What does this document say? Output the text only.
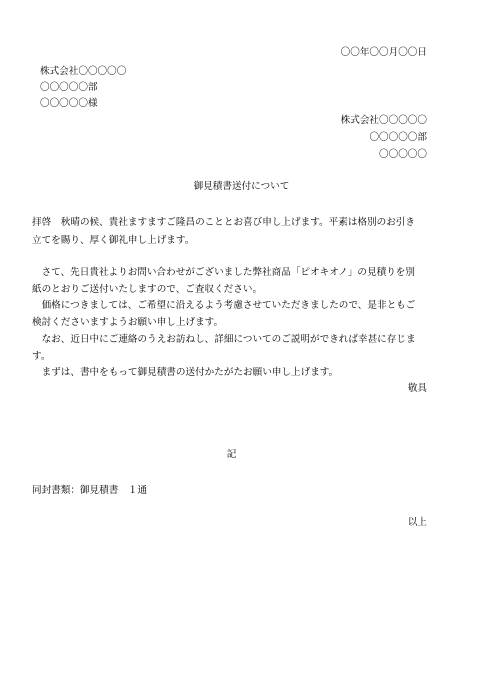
〇〇年〇〇月〇〇日
株式会社〇〇〇〇〇
〇〇〇〇〇部
〇〇〇〇〇様
株式会社〇〇〇〇〇
〇〇〇〇〇部
〇〇〇〇〇
御見積書送付について
拝啓　秋晴の候、貴社ますますご隆昌のこととお喜び申し上げます。平素は格別のお引き
立てを賜り、厚く御礼申し上げます。
　さて、先日貴社よりお問い合わせがございました弊社商品「ピオキオノ」の見積りを別
紙のとおりご送付いたしますので、ご査収ください。
　価格につきましては、ご希望に沿えるよう考慮させていただきましたので、是非ともご
検討くださいますようお願い申し上げます。
　なお、近日中にご連絡のうえお訪ねし、詳細についてのご説明ができれば幸甚に存じま
す。
　まずは、書中をもって御見積書の送付かたがたお願い申し上げます。
敬具
記
同封書類：御見積書　１通
以上
